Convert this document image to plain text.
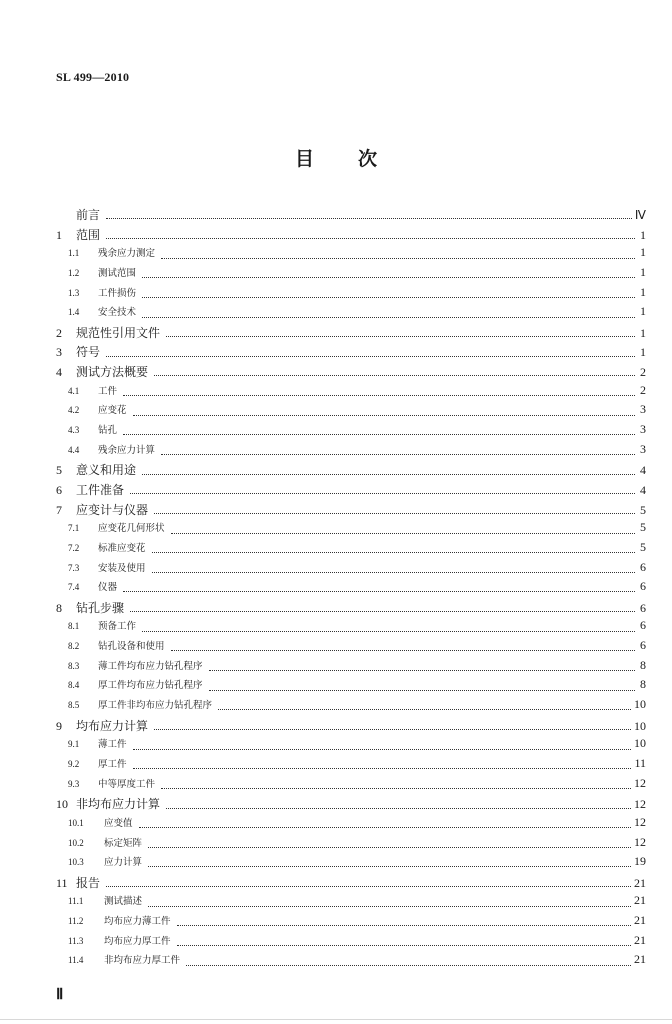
SL 499—2010
目 次
前言	Ⅳ
1	范围	1
1.1	残余应力测定	1
1.2	测试范围	1
1.3	工件损伤	1
1.4	安全技术	1
2	规范性引用文件	1
3	符号	1
4	测试方法概要	2
4.1	工件	2
4.2	应变花	3
4.3	钻孔	3
4.4	残余应力计算	3
5	意义和用途	4
6	工件准备	4
7	应变计与仪器	5
7.1	应变花几何形状	5
7.2	标准应变花	5
7.3	安装及使用	6
7.4	仪器	6
8	钻孔步骤	6
8.1	预备工作	6
8.2	钻孔设备和使用	6
8.3	薄工件均布应力钻孔程序	8
8.4	厚工件均布应力钻孔程序	8
8.5	厚工件非均布应力钻孔程序	10
9	均布应力计算	10
9.1	薄工件	10
9.2	厚工件	11
9.3	中等厚度工件	12
10 非均布应力计算	12
10.1	应变值	12
10.2	标定矩阵	12
10.3	应力计算	19
11 报告	21
11.1	测试描述	21
11.2	均布应力薄工件	21
11.3	均布应力厚工件	21
11.4	非均布应力厚工件	21
Ⅱ
